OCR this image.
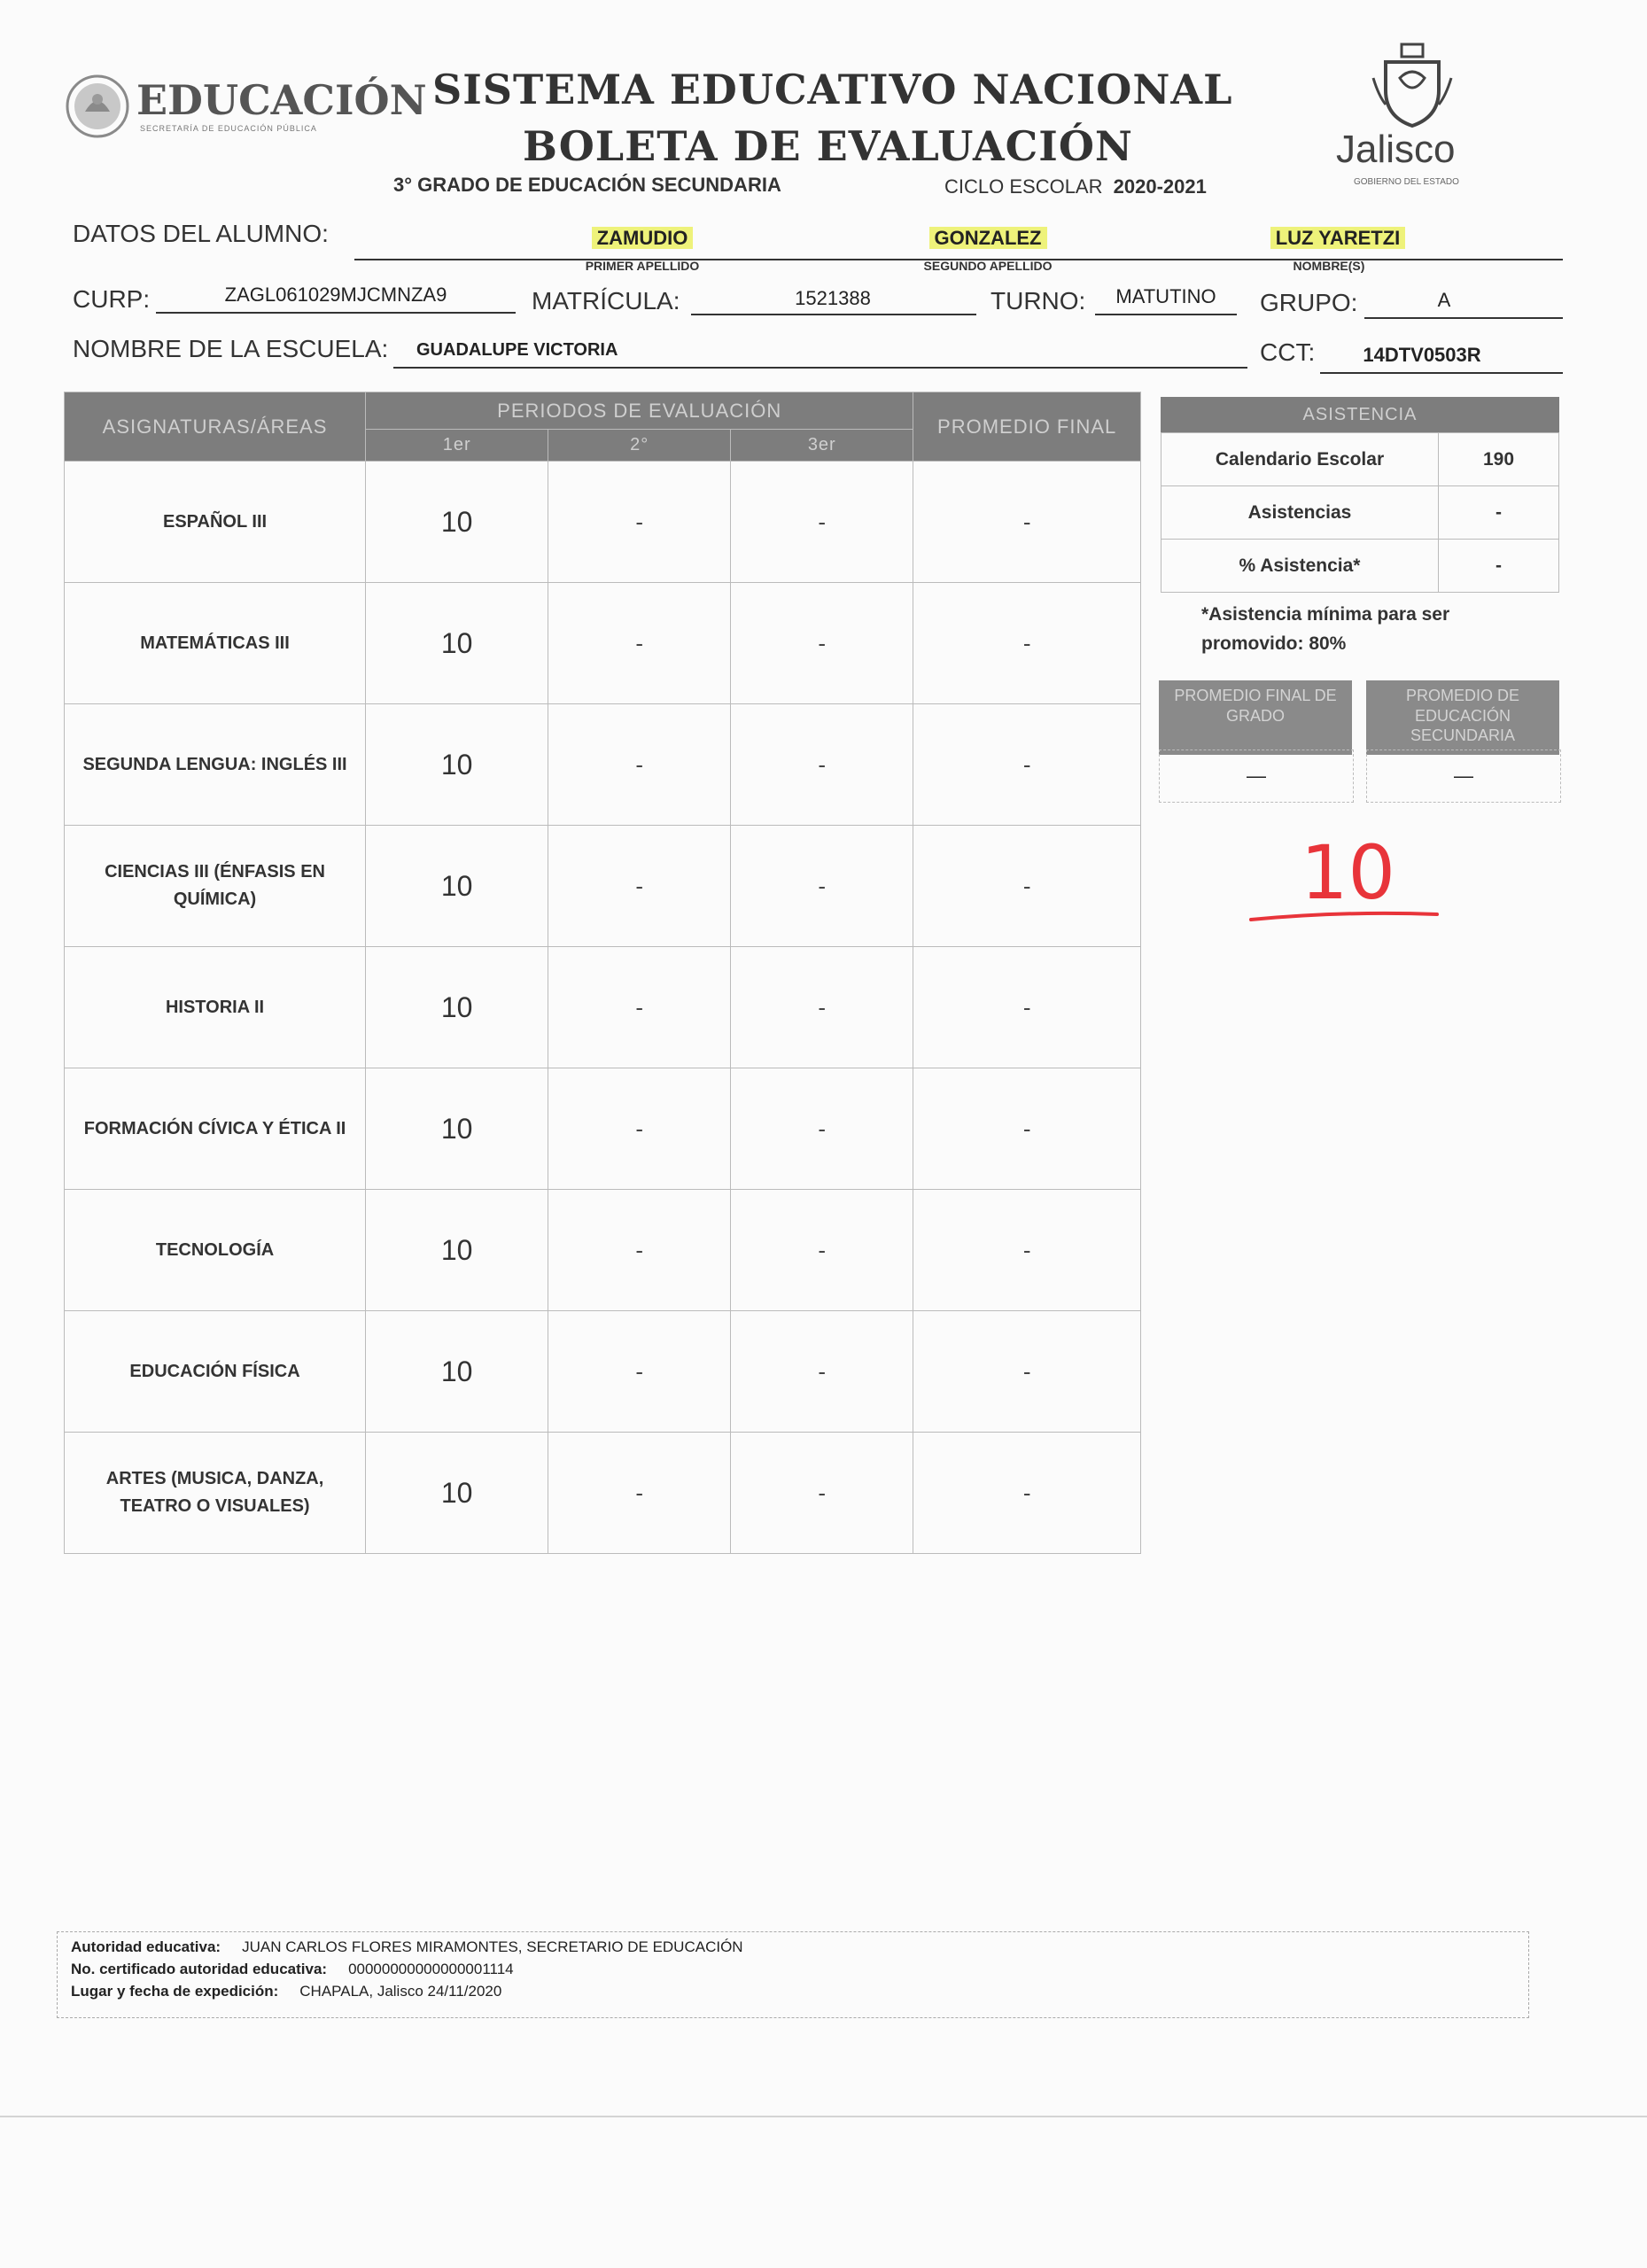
EDUCACIÓN
SECRETARÍA DE EDUCACIÓN PÚBLICA
SISTEMA EDUCATIVO NACIONAL
BOLETA DE EVALUACIÓN
3° GRADO DE EDUCACIÓN SECUNDARIA	CICLO ESCOLAR 2020-2021
Jalisco
GOBIERNO DEL ESTADO
DATOS DEL ALUMNO:	ZAMUDIO
PRIMER APELLIDO
GONZALEZ
SEGUNDO APELLIDO
LUZ YARETZI
NOMBRE(S)
CURP:	ZAGL061029MJCMNZA9	MATRÍCULA:	1521388	TURNO:	MATUTINO	GRUPO:	A
NOMBRE DE LA ESCUELA: GUADALUPE VICTORIA	CCT:	14DTV0503R
ASIGNATURAS/ÁREAS	PERIODOS DE EVALUACIÓN			PROMEDIO FINAL
	1er	2°	3er	
ESPAÑOL III	10	-	-	-
MATEMÁTICAS III	10	-	-	-
SEGUNDA LENGUA: INGLÉS III	10	-	-	-
CIENCIAS III (ÉNFASIS EN QUÍMICA)	10	-	-	-
HISTORIA II	10	-	-	-
FORMACIÓN CÍVICA Y ÉTICA II	10	-	-	-
TECNOLOGÍA	10	-	-	-
EDUCACIÓN FÍSICA	10	-	-	-
ARTES (MUSICA, DANZA, TEATRO O VISUALES)	10	-	-	-
ASISTENCIA
Calendario Escolar	190
Asistencias	-
% Asistencia*	-
*Asistencia mínima para ser promovido: 80%
PROMEDIO FINAL DE GRADO
—
PROMEDIO DE EDUCACIÓN SECUNDARIA
—
10
Autoridad educativa: JUAN CARLOS FLORES MIRAMONTES, SECRETARIO DE EDUCACIÓN
No. certificado autoridad educativa: 00000000000000001114
Lugar y fecha de expedición: CHAPALA, Jalisco 24/11/2020
